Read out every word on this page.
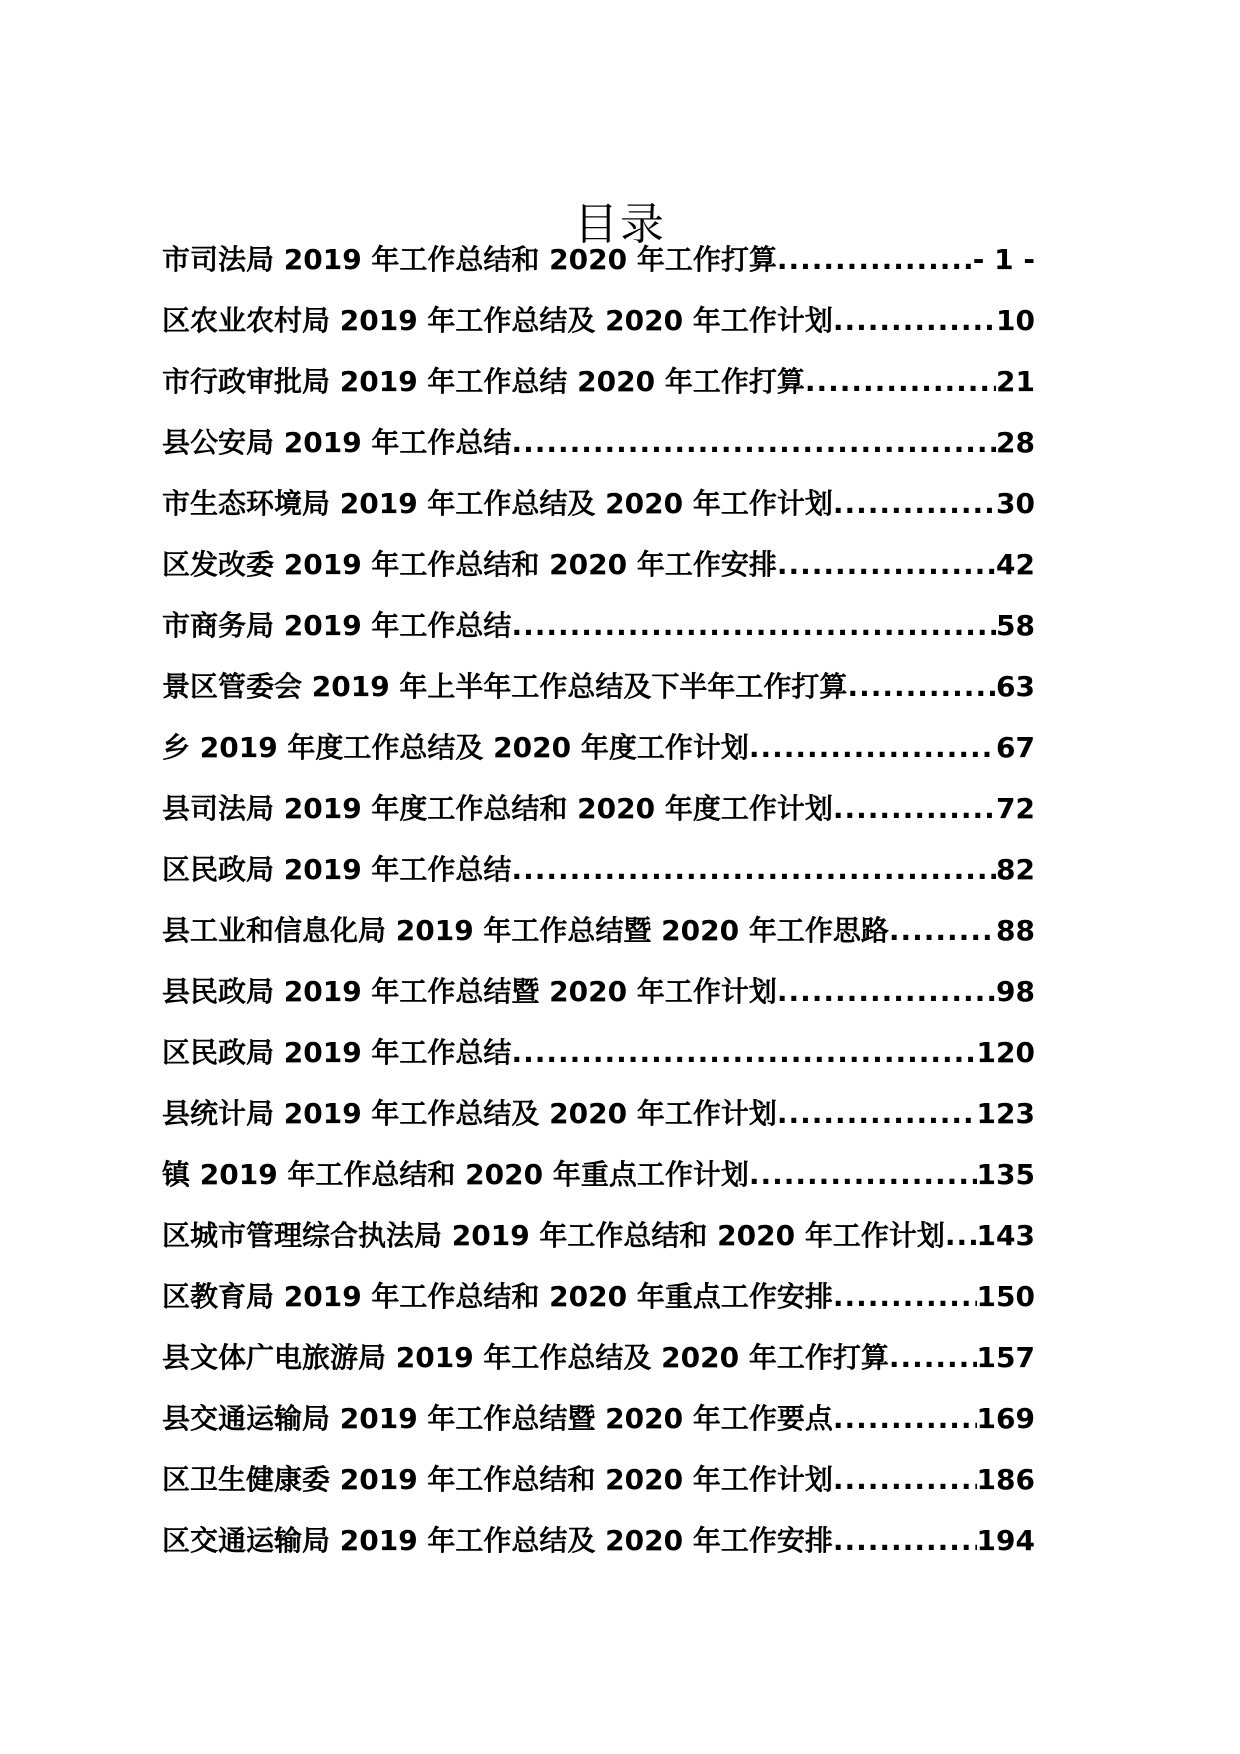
目录
市司法局 2019 年工作总结和 2020 年工作打算 .....	- 1 -
区农业农村局 2019 年工作总结及 2020 年工作计划 .....	10
市行政审批局 2019 年工作总结 2020 年工作打算 .....	21
县公安局 2019 年工作总结 .....	28
市生态环境局 2019 年工作总结及 2020 年工作计划 .....	30
区发改委 2019 年工作总结和 2020 年工作安排 .....	42
市商务局 2019 年工作总结 .....	58
景区管委会 2019 年上半年工作总结及下半年工作打算 .....	63
乡 2019 年度工作总结及 2020 年度工作计划 .....	67
县司法局 2019 年度工作总结和 2020 年度工作计划 .....	72
区民政局 2019 年工作总结 .....	82
县工业和信息化局 2019 年工作总结暨 2020 年工作思路 .....	88
县民政局 2019 年工作总结暨 2020 年工作计划 .....	98
区民政局 2019 年工作总结 .....	120
县统计局 2019 年工作总结及 2020 年工作计划 .....	123
镇 2019 年工作总结和 2020 年重点工作计划 .....	135
区城市管理综合执法局 2019 年工作总结和 2020 年工作计划 ..... 143
区教育局 2019 年工作总结和 2020 年重点工作安排 .....	150
县文体广电旅游局 2019 年工作总结及 2020 年工作打算 .....	157
县交通运输局 2019 年工作总结暨 2020 年工作要点 .....	169
区卫生健康委 2019 年工作总结和 2020 年工作计划 .....	186
区交通运输局 2019 年工作总结及 2020 年工作安排 .....	194
